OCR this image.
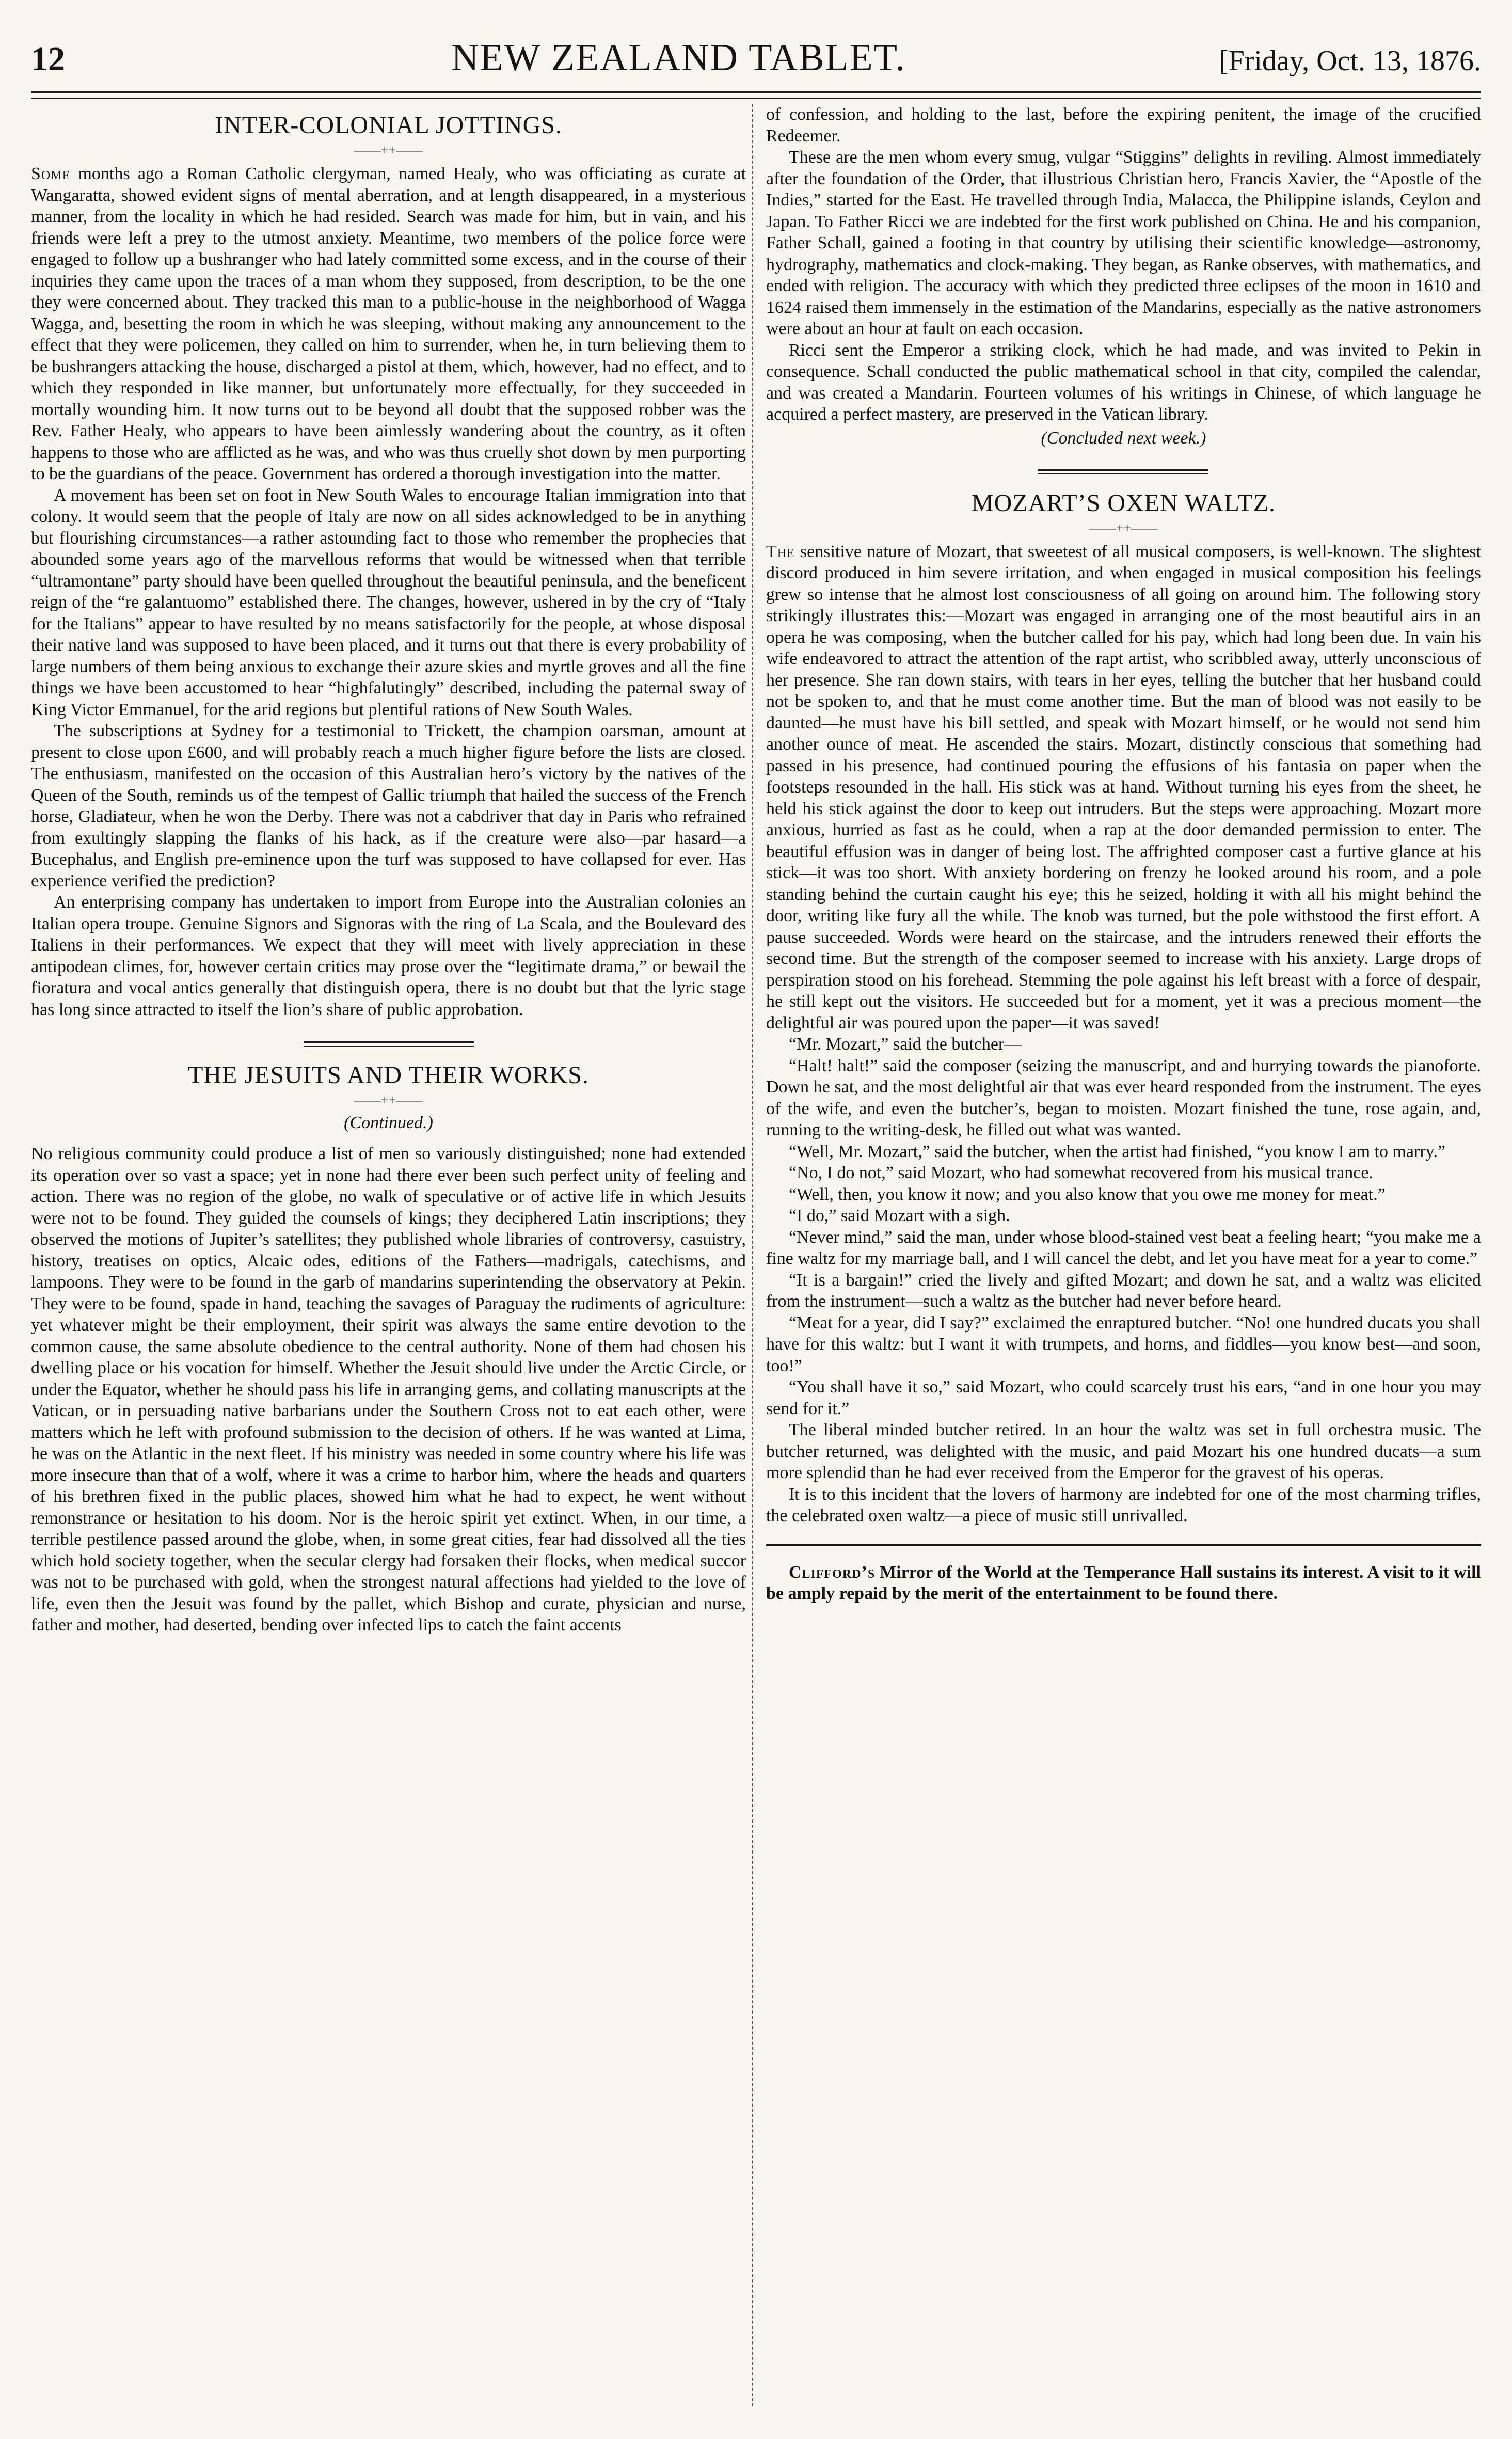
12	NEW ZEALAND TABLET.	[Friday, Oct. 13, 1876.
INTER-COLONIAL JOTTINGS.
——++——

Some months ago a Roman Catholic clergyman, named Healy, who was officiating as curate at Wangaratta, showed evident signs of mental aberration, and at length disappeared, in a mysterious manner, from the locality in which he had resided. Search was made for him, but in vain, and his friends were left a prey to the utmost anxiety. Meantime, two members of the police force were engaged to follow up a bushranger who had lately committed some excess, and in the course of their inquiries they came upon the traces of a man whom they supposed, from description, to be the one they were concerned about. They tracked this man to a public-house in the neighborhood of Wagga Wagga, and, besetting the room in which he was sleeping, without making any announcement to the effect that they were policemen, they called on him to surrender, when he, in turn believing them to be bushrangers attacking the house, discharged a pistol at them, which, however, had no effect, and to which they responded in like manner, but unfortunately more effectually, for they succeeded in mortally wounding him. It now turns out to be beyond all doubt that the supposed robber was the Rev. Father Healy, who appears to have been aimlessly wandering about the country, as it often happens to those who are afflicted as he was, and who was thus cruelly shot down by men purporting to be the guardians of the peace. Government has ordered a thorough investigation into the matter.

A movement has been set on foot in New South Wales to encourage Italian immigration into that colony. It would seem that the people of Italy are now on all sides acknowledged to be in anything but flourishing circumstances—a rather astounding fact to those who remember the prophecies that abounded some years ago of the marvellous reforms that would be witnessed when that terrible “ultramontane” party should have been quelled throughout the beautiful peninsula, and the beneficent reign of the “re galantuomo” established there. The changes, however, ushered in by the cry of “Italy for the Italians” appear to have resulted by no means satisfactorily for the people, at whose disposal their native land was supposed to have been placed, and it turns out that there is every probability of large numbers of them being anxious to exchange their azure skies and myrtle groves and all the fine things we have been accustomed to hear “highfalutingly” described, including the paternal sway of King Victor Emmanuel, for the arid regions but plentiful rations of New South Wales.

The subscriptions at Sydney for a testimonial to Trickett, the champion oarsman, amount at present to close upon £600, and will probably reach a much higher figure before the lists are closed. The enthusiasm, manifested on the occasion of this Australian hero’s victory by the natives of the Queen of the South, reminds us of the tempest of Gallic triumph that hailed the success of the French horse, Gladiateur, when he won the Derby. There was not a cabdriver that day in Paris who refrained from exultingly slapping the flanks of his hack, as if the creature were also—par hasard—a Bucephalus, and English pre-eminence upon the turf was supposed to have collapsed for ever. Has experience verified the prediction?

An enterprising company has undertaken to import from Europe into the Australian colonies an Italian opera troupe. Genuine Signors and Signoras with the ring of La Scala, and the Boulevard des Italiens in their performances. We expect that they will meet with lively appreciation in these antipodean climes, for, however certain critics may prose over the “legitimate drama,” or bewail the fioratura and vocal antics generally that distinguish opera, there is no doubt but that the lyric stage has long since attracted to itself the lion’s share of public approbation.

THE JESUITS AND THEIR WORKS.
——++——
(Continued.)

No religious community could produce a list of men so variously distinguished; none had extended its operation over so vast a space; yet in none had there ever been such perfect unity of feeling and action. There was no region of the globe, no walk of speculative or of active life in which Jesuits were not to be found. They guided the counsels of kings; they deciphered Latin inscriptions; they observed the motions of Jupiter’s satellites; they published whole libraries of controversy, casuistry, history, treatises on optics, Alcaic odes, editions of the Fathers—madrigals, catechisms, and lampoons. They were to be found in the garb of mandarins superintending the observatory at Pekin. They were to be found, spade in hand, teaching the savages of Paraguay the rudiments of agriculture: yet whatever might be their employment, their spirit was always the same entire devotion to the common cause, the same absolute obedience to the central authority. None of them had chosen his dwelling place or his vocation for himself. Whether the Jesuit should live under the Arctic Circle, or under the Equator, whether he should pass his life in arranging gems, and collating manuscripts at the Vatican, or in persuading native barbarians under the Southern Cross not to eat each other, were matters which he left with profound submission to the decision of others. If he was wanted at Lima, he was on the Atlantic in the next fleet. If his ministry was needed in some country where his life was more insecure than that of a wolf, where it was a crime to harbor him, where the heads and quarters of his brethren fixed in the public places, showed him what he had to expect, he went without remonstrance or hesitation to his doom. Nor is the heroic spirit yet extinct. When, in our time, a terrible pestilence passed around the globe, when, in some great cities, fear had dissolved all the ties which hold society together, when the secular clergy had forsaken their flocks, when medical succor was not to be purchased with gold, when the strongest natural affections had yielded to the love of life, even then the Jesuit was found by the pallet, which Bishop and curate, physician and nurse, father and mother, had deserted, bending over infected lips to catch the faint accents

of confession, and holding to the last, before the expiring penitent, the image of the crucified Redeemer.

These are the men whom every smug, vulgar “Stiggins” delights in reviling. Almost immediately after the foundation of the Order, that illustrious Christian hero, Francis Xavier, the “Apostle of the Indies,” started for the East. He travelled through India, Malacca, the Philippine islands, Ceylon and Japan. To Father Ricci we are indebted for the first work published on China. He and his companion, Father Schall, gained a footing in that country by utilising their scientific knowledge—astronomy, hydrography, mathematics and clock-making. They began, as Ranke observes, with mathematics, and ended with religion. The accuracy with which they predicted three eclipses of the moon in 1610 and 1624 raised them immensely in the estimation of the Mandarins, especially as the native astronomers were about an hour at fault on each occasion.

Ricci sent the Emperor a striking clock, which he had made, and was invited to Pekin in consequence. Schall conducted the public mathematical school in that city, compiled the calendar, and was created a Mandarin. Fourteen volumes of his writings in Chinese, of which language he acquired a perfect mastery, are preserved in the Vatican library.

(Concluded next week.)
MOZART’S OXEN WALTZ.
——++——

The sensitive nature of Mozart, that sweetest of all musical composers, is well-known. The slightest discord produced in him severe irritation, and when engaged in musical composition his feelings grew so intense that he almost lost consciousness of all going on around him. The following story strikingly illustrates this:—Mozart was engaged in arranging one of the most beautiful airs in an opera he was composing, when the butcher called for his pay, which had long been due. In vain his wife endeavored to attract the attention of the rapt artist, who scribbled away, utterly unconscious of her presence. She ran down stairs, with tears in her eyes, telling the butcher that her husband could not be spoken to, and that he must come another time. But the man of blood was not easily to be daunted—he must have his bill settled, and speak with Mozart himself, or he would not send him another ounce of meat. He ascended the stairs. Mozart, distinctly conscious that something had passed in his presence, had continued pouring the effusions of his fantasia on paper when the footsteps resounded in the hall. His stick was at hand. Without turning his eyes from the sheet, he held his stick against the door to keep out intruders. But the steps were approaching. Mozart more anxious, hurried as fast as he could, when a rap at the door demanded permission to enter. The beautiful effusion was in danger of being lost. The affrighted composer cast a furtive glance at his stick—it was too short. With anxiety bordering on frenzy he looked around his room, and a pole standing behind the curtain caught his eye; this he seized, holding it with all his might behind the door, writing like fury all the while. The knob was turned, but the pole withstood the first effort. A pause succeeded. Words were heard on the staircase, and the intruders renewed their efforts the second time. But the strength of the composer seemed to increase with his anxiety. Large drops of perspiration stood on his forehead. Stemming the pole against his left breast with a force of despair, he still kept out the visitors. He succeeded but for a moment, yet it was a precious moment—the delightful air was poured upon the paper—it was saved!

“Mr. Mozart,” said the butcher—

“Halt! halt!” said the composer (seizing the manuscript, and and hurrying towards the pianoforte. Down he sat, and the most delightful air that was ever heard responded from the instrument. The eyes of the wife, and even the butcher’s, began to moisten. Mozart finished the tune, rose again, and, running to the writing-desk, he filled out what was wanted.

“Well, Mr. Mozart,” said the butcher, when the artist had finished, “you know I am to marry.”

“No, I do not,” said Mozart, who had somewhat recovered from his musical trance.

“Well, then, you know it now; and you also know that you owe me money for meat.”

“I do,” said Mozart with a sigh.

“Never mind,” said the man, under whose blood-stained vest beat a feeling heart; “you make me a fine waltz for my marriage ball, and I will cancel the debt, and let you have meat for a year to come.”

“It is a bargain!” cried the lively and gifted Mozart; and down he sat, and a waltz was elicited from the instrument—such a waltz as the butcher had never before heard.

“Meat for a year, did I say?” exclaimed the enraptured butcher. “No! one hundred ducats you shall have for this waltz: but I want it with trumpets, and horns, and fiddles—you know best—and soon, too!”

“You shall have it so,” said Mozart, who could scarcely trust his ears, “and in one hour you may send for it.”

The liberal minded butcher retired. In an hour the waltz was set in full orchestra music. The butcher returned, was delighted with the music, and paid Mozart his one hundred ducats—a sum more splendid than he had ever received from the Emperor for the gravest of his operas.

It is to this incident that the lovers of harmony are indebted for one of the most charming trifles, the celebrated oxen waltz—a piece of music still unrivalled.

Clifford’s Mirror of the World at the Temperance Hall sustains its interest. A visit to it will be amply repaid by the merit of the entertainment to be found there.
